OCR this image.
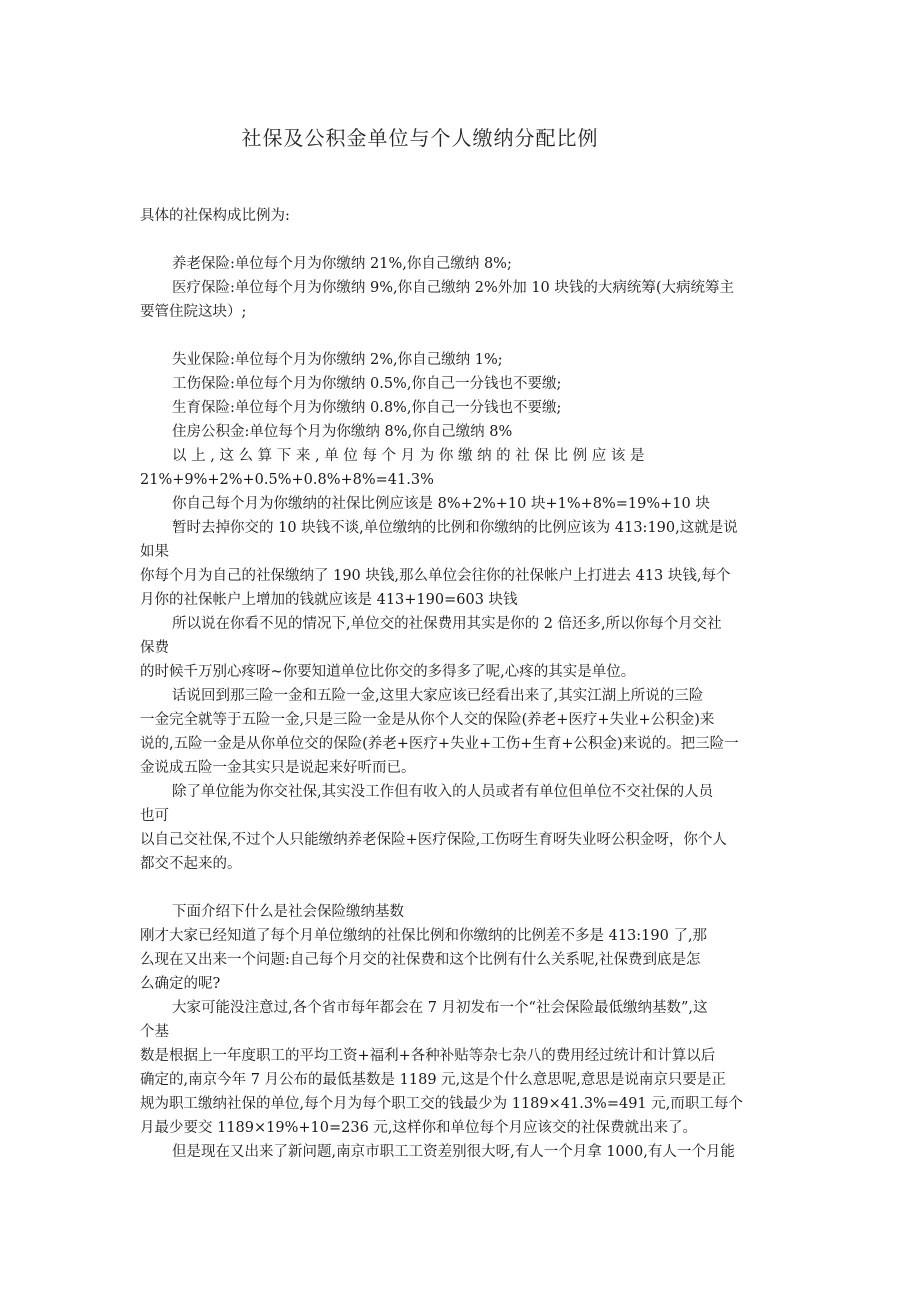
社保及公积金单位与个人缴纳分配比例
具体的社保构成比例为:
养老保险:单位每个月为你缴纳 21%,你自己缴纳 8%;
医疗保险:单位每个月为你缴纳 9%,你自己缴纳 2%外加 10 块钱的大病统筹(大病统筹主
要管住院这块）;
失业保险:单位每个月为你缴纳 2%,你自己缴纳 1%;
工伤保险:单位每个月为你缴纳 0.5%,你自己一分钱也不要缴;
生育保险:单位每个月为你缴纳 0.8%,你自己一分钱也不要缴;
住房公积金:单位每个月为你缴纳 8%,你自己缴纳 8%
以 上 , 这 么 算 下 来 , 单 位 每 个 月 为 你 缴 纳 的 社 保 比 例 应 该 是
21%+9%+2%+0.5%+0.8%+8%=41.3%
你自己每个月为你缴纳的社保比例应该是 8%+2%+10 块+1%+8%=19%+10 块
暂时去掉你交的 10 块钱不谈,单位缴纳的比例和你缴纳的比例应该为 413:190,这就是说
如果
你每个月为自己的社保缴纳了 190 块钱,那么单位会往你的社保帐户上打进去 413 块钱,每个
月你的社保帐户上增加的钱就应该是 413+190=603 块钱
所以说在你看不见的情况下,单位交的社保费用其实是你的 2 倍还多,所以你每个月交社
保费
的时候千万别心疼呀~你要知道单位比你交的多得多了呢,心疼的其实是单位。
话说回到那三险一金和五险一金,这里大家应该已经看出来了,其实江湖上所说的三险
一金完全就等于五险一金,只是三险一金是从你个人交的保险(养老+医疗+失业+公积金)来
说的,五险一金是从你单位交的保险(养老+医疗+失业+工伤+生育+公积金)来说的。把三险一
金说成五险一金其实只是说起来好听而已。
除了单位能为你交社保,其实没工作但有收入的人员或者有单位但单位不交社保的人员
也可
以自己交社保,不过个人只能缴纳养老保险+医疗保险,工伤呀生育呀失业呀公积金呀，你个人
都交不起来的。
下面介绍下什么是社会保险缴纳基数
刚才大家已经知道了每个月单位缴纳的社保比例和你缴纳的比例差不多是 413:190 了,那
么现在又出来一个问题:自己每个月交的社保费和这个比例有什么关系呢,社保费到底是怎
么确定的呢?
大家可能没注意过,各个省市每年都会在 7 月初发布一个“社会保险最低缴纳基数”,这
个基
数是根据上一年度职工的平均工资+福利+各种补贴等杂七杂八的费用经过统计和计算以后
确定的,南京今年 7 月公布的最低基数是 1189 元,这是个什么意思呢,意思是说南京只要是正
规为职工缴纳社保的单位,每个月为每个职工交的钱最少为 1189×41.3%=491 元,而职工每个
月最少要交 1189×19%+10=236 元,这样你和单位每个月应该交的社保费就出来了。
但是现在又出来了新问题,南京市职工工资差别很大呀,有人一个月拿 1000,有人一个月能
